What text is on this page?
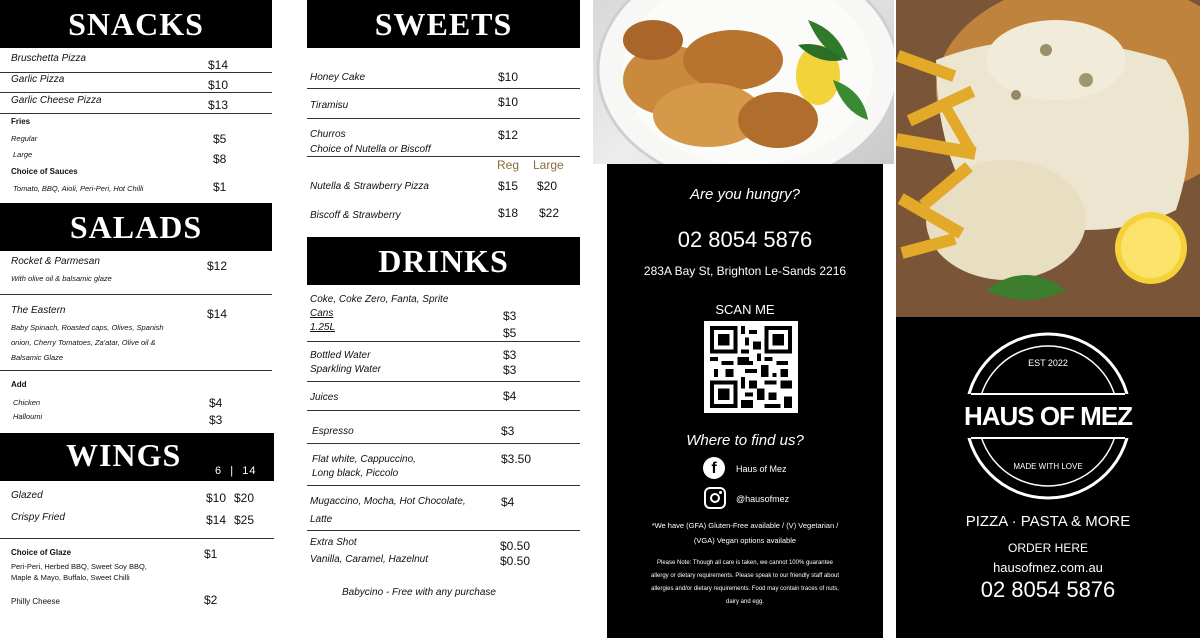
SNACKS
Bruschetta Pizza	$14
Garlic Pizza	$10
Garlic Cheese Pizza	$13
Fries
Regular	$5
Large	$8
Choice of Sauces
Tomato, BBQ, Aioli, Peri-Peri, Hot Chilli	$1
SALADS
Rocket & Parmesan	$12
With olive oil & balsamic glaze
The Eastern	$14
Baby Spinach, Roasted caps, Olives, Spanish
onion, Cherry Tomatoes, Za'atar, Olive oil &
Balsamic Glaze
Add
Chicken	$4
Halloumi	$3
WINGS	6  |  14
Glazed	$10 $20
Crispy Fried	$14 $25
Choice of Glaze	$1
Peri-Peri, Herbed BBQ, Sweet Soy BBQ,
Maple & Mayo, Buffalo, Sweet Chilli
Philly Cheese	$2
SWEETS
Honey Cake	$10
Tiramisu	$10
Churros	$12
Choice of Nutella or Biscoff
Reg Large
Nutella & Strawberry Pizza	$15 $20
Biscoff & Strawberry	$18 $22
DRINKS
Coke, Coke Zero, Fanta, Sprite
Cans	$3
1.25L	$5
Bottled Water	$3
Sparkling Water	$3
Juices	$4
Espresso	$3
Flat white, Cappuccino,
Long black, Piccolo
$3.50
Mugaccino, Mocha, Hot Chocolate,
Latte
$4
Extra Shot	$0.50
Vanilla, Caramel, Hazelnut	$0.50
Babycino - Free with any purchase
Are you hungry?
02 8054 5876
283A Bay St, Brighton Le-Sands 2216
SCAN ME
Where to find us?
f	Haus of Mez
@hausofmez
*We have (GFA) Gluten-Free available / (V) Vegetarian /
(VGA) Vegan options available
Please Note: Though all care is taken, we cannot 100% guarantee
allergy or dietary requirements. Please speak to our friendly staff about
allergies and/or dietary requirements. Food may contain traces of nuts,
dairy and egg.
EST 2022
HAUS OF MEZ
MADE WITH LOVE
PIZZA · PASTA & MORE
ORDER HERE
hausofmez.com.au
02 8054 5876
